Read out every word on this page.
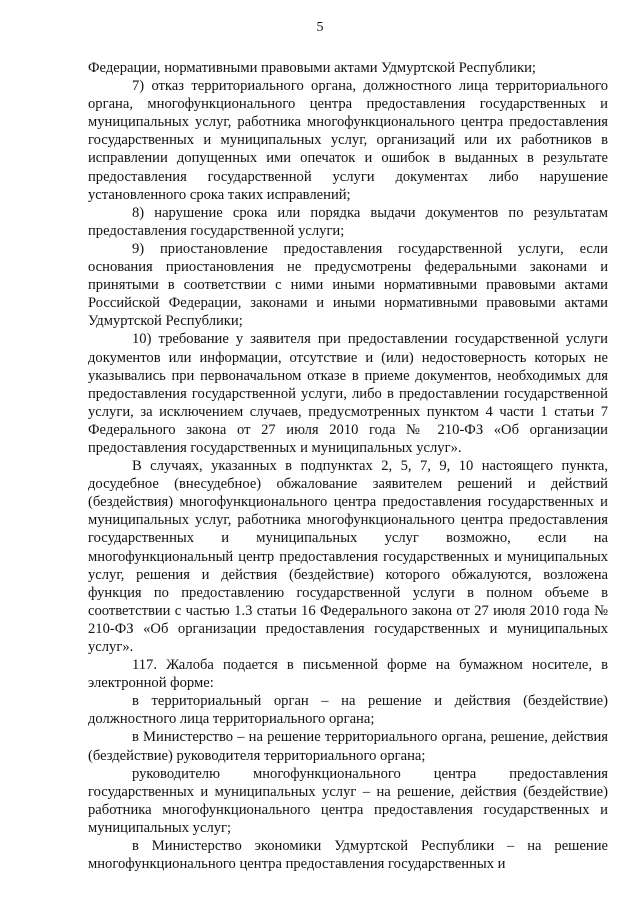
5

Федерации, нормативными правовыми актами Удмуртской Республики;

7) отказ территориального органа, должностного лица территориального органа, многофункционального центра предоставления государственных и муниципальных услуг, работника многофункционального центра предоставления государственных и муниципальных услуг, организаций или их работников в исправлении допущенных ими опечаток и ошибок в выданных в результате предоставления государственной услуги документах либо нарушение установленного срока таких исправлений;

8) нарушение срока или порядка выдачи документов по результатам предоставления государственной услуги;

9) приостановление предоставления государственной услуги, если основания приостановления не предусмотрены федеральными законами и принятыми в соответствии с ними иными нормативными правовыми актами Российской Федерации, законами и иными нормативными правовыми актами Удмуртской Республики;

10) требование у заявителя при предоставлении государственной услуги документов или информации, отсутствие и (или) недостоверность которых не указывались при первоначальном отказе в приеме документов, необходимых для предоставления государственной услуги, либо в предоставлении государственной услуги, за исключением случаев, предусмотренных пунктом 4 части 1 статьи 7 Федерального закона от 27 июля 2010 года № 210-ФЗ «Об организации предоставления государственных и муниципальных услуг».

В случаях, указанных в подпунктах 2, 5, 7, 9, 10 настоящего пункта, досудебное (внесудебное) обжалование заявителем решений и действий (бездействия) многофункционального центра предоставления государственных и муниципальных услуг, работника многофункционального центра предоставления государственных и муниципальных услуг возможно, если на многофункциональный центр предоставления государственных и муниципальных услуг, решения и действия (бездействие) которого обжалуются, возложена функция по предоставлению государственной услуги в полном объеме в соответствии с частью 1.3 статьи 16 Федерального закона от 27 июля 2010 года № 210-ФЗ «Об организации предоставления государственных и муниципальных услуг».

117. Жалоба подается в письменной форме на бумажном носителе, в электронной форме:

в территориальный орган – на решение и действия (бездействие) должностного лица территориального органа;

в Министерство – на решение территориального органа, решение, действия (бездействие) руководителя территориального органа;

руководителю многофункционального центра предоставления государственных и муниципальных услуг – на решение, действия (бездействие) работника многофункционального центра предоставления государственных и муниципальных услуг;

в Министерство экономики Удмуртской Республики – на решение многофункционального центра предоставления государственных и
